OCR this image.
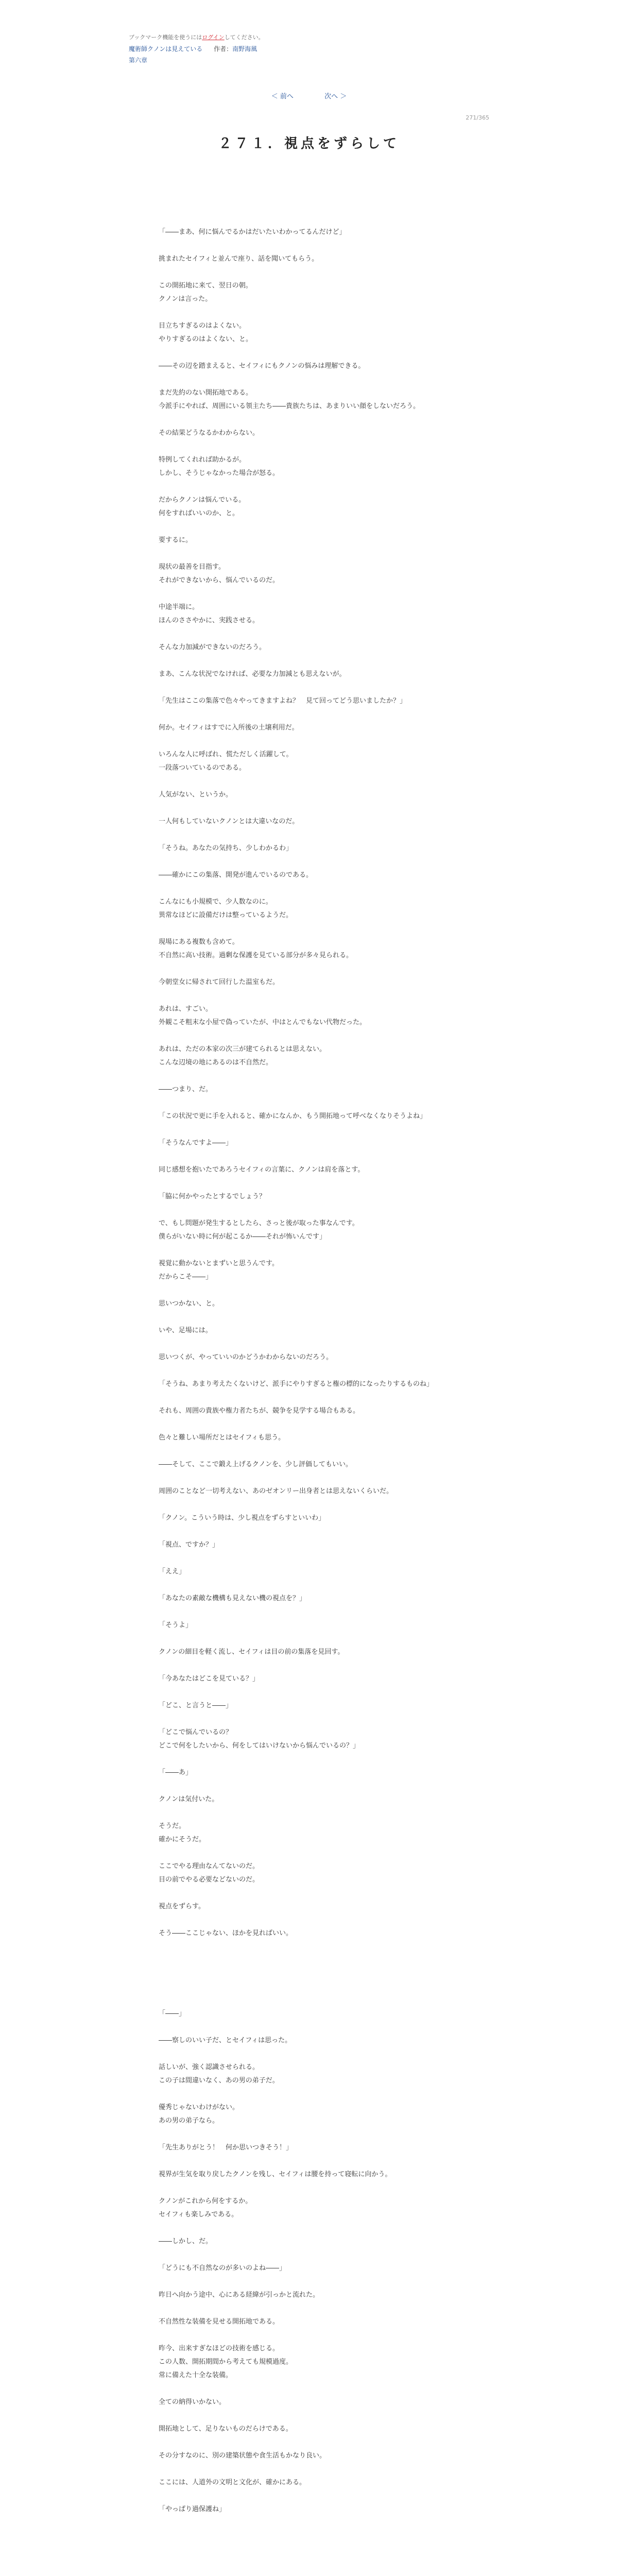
ブックマーク機能を使うにはログインしてください。
魔術師クノンは見えている 作者：南野海風
第六章
＜ 前へ	次へ ＞
271/365
２７１．視点をずらして

「――まあ、何に悩んでるかはだいたいわかってるんだけど」

挑まれたセイフィと並んで座り、話を聞いてもらう。

この開拓地に来て、翌日の朝。

クノンは言った。

目立ちすぎるのはよくない。

やりすぎるのはよくない、と。

――その辺を踏まえると、セイフィにもクノンの悩みは理解できる。

まだ先約のない開拓地である。

今派手にやれば、周囲にいる領主たち――貴族たちは、あまりいい顔をしないだろう。

その結果どうなるかわからない。

特例してくれれば助かるが。

しかし、そうじゃなかった場合が怒る。

だからクノンは悩んでいる。

何をすればいいのか、と。

要するに。

現状の最善を目指す。

それができないから、悩んでいるのだ。

中途半端に。

ほんのささやかに、実践させる。

そんな力加減ができないのだろう。

まあ、こんな状況でなければ、必要な力加減とも思えないが。

「先生はここの集落で色々やってきますよね？　見て回ってどう思いましたか？」

何か。セイフィはすでに入所後の土壌利用だ。

いろんな人に呼ばれ、慌ただしく活躍して。

一段落ついているのである。

人気がない、というか。

一人何もしていないクノンとは大違いなのだ。

「そうね。あなたの気持ち、少しわかるわ」

――確かにこの集落、開発が進んでいるのである。

こんなにも小規模で、少人数なのに。

異常なほどに設備だけは整っているようだ。

現場にある複数も含めて。

不自然に高い技術。過剰な保護を見ている部分が多々見られる。

今朝堂女に帰されて回行した温室もだ。

あれは、すごい。

外観こそ粗末な小屋で偽っていたが、中はとんでもない代物だった。

あれは、ただの本家の次三が建てられるとは思えない。

こんな辺境の地にあるのは不自然だ。

――つまり、だ。

「この状況で更に手を入れると、確かになんか、もう開拓地って呼べなくなりそうよね」

「そうなんですよ――」

同じ感想を抱いたであろうセイフィの言葉に、クノンは肩を落とす。

「脇に何かやったとするでしょう？

で、もし問題が発生するとしたら、さっと後が取った事なんです。

僕らがいない時に何が起こるか――それが怖いんです」

視覚に動かないとまずいと思うんです。

だからこそ――」

思いつかない、と。

いや、足場には。

思いつくが、やっていいのかどうかわからないのだろう。

「そうね、あまり考えたくないけど、派手にやりすぎると権の標的になったりするものね」

それも、周囲の貴族や権力者たちが、競争を見学する場合もある。

色々と難しい場所だとはセイフィも思う。

――そして、ここで鍛え上げるクノンを、少し評価してもいい。

周囲のことなど一切考えない、あのゼオンリー出身者とは思えないくらいだ。

「クノン。こういう時は、少し視点をずらすといいわ」

「視点、ですか？」

「ええ」

「あなたの素敵な機構も見えない機の視点を？」

「そうよ」

クノンの細目を軽く流し、セイフィは目の前の集落を見回す。

「今あなたはどこを見ている？」

「どこ、と言うと――」

「どこで悩んでいるの？

どこで何をしたいから、何をしてはいけないから悩んでいるの？」

「――あ」

クノンは気付いた。

そうだ。

確かにそうだ。

ここでやる理由なんてないのだ。

目の前でやる必要などないのだ。

視点をずらす。

そう――ここじゃない、ほかを見ればいい。

「――」

――察しのいい子だ、とセイフィは思った。

話しいが、強く認識させられる。

この子は間違いなく、あの男の弟子だ。

優秀じゃないわけがない。

あの男の弟子なら。

「先生ありがとう！　何か思いつきそう！」

視界が生気を取り戻したクノンを残し、セイフィは腰を持って寝転に向かう。

クノンがこれから何をするか。

セイフィも楽しみである。

――しかし、だ。

「どうにも不自然なのが多いのよね――」

昨日へ向かう途中、心にある経緯が引っかと流れた。

不自然性な装備を見せる開拓地である。

昨今、出来すぎなほどの技術を感じる。

この人数、開拓期間から考えても規模過度。

常に備えた十全な装備。

全ての納得いかない。

開拓地として、足りないものだらけである。

その分すなのに、別の建築状態や食生活もかなり良い。

ここには、人道外の文明と文化が、確かにある。

「やっぱり過保護ね」
